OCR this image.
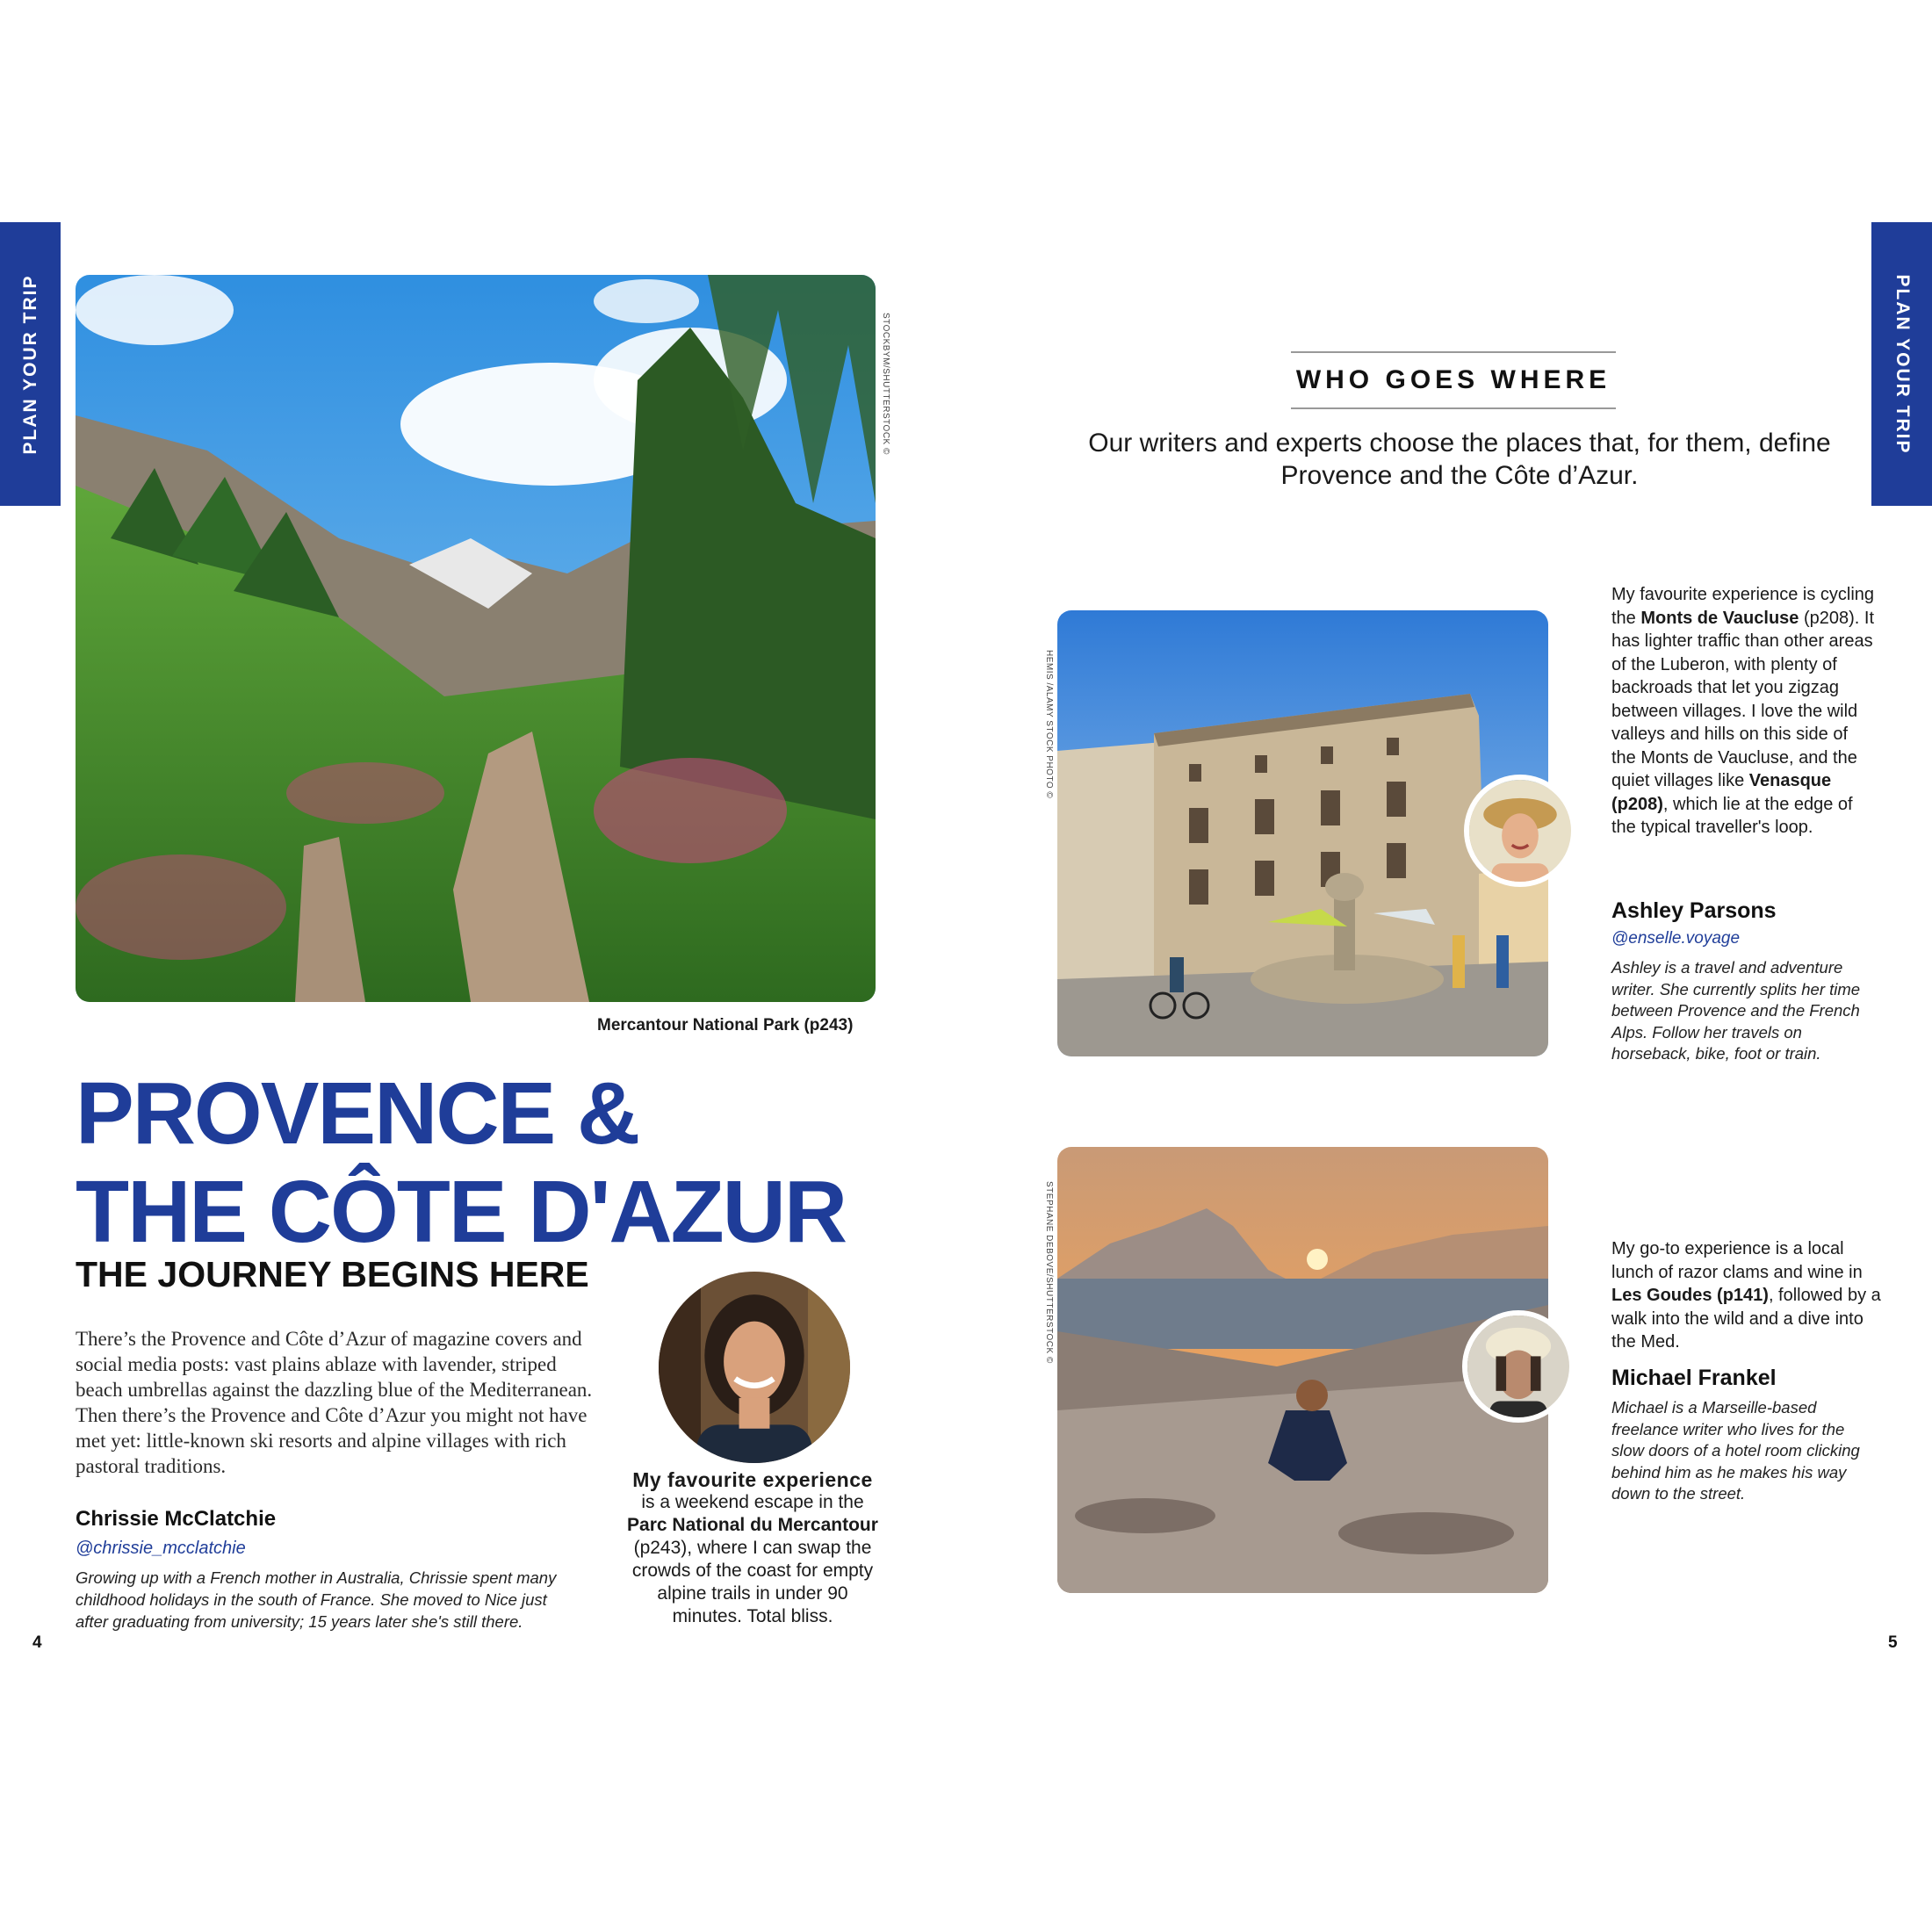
PLAN YOUR TRIP	PLAN YOUR TRIP
STOCKBYM/SHUTTERSTOCK ©
Mercantour National Park (p243)
PROVENCE &
THE CÔTE D'AZUR
THE JOURNEY BEGINS HERE
There’s the Provence and Côte d’Azur of magazine covers and social media posts: vast plains ablaze with lavender, striped beach umbrellas against the dazzling blue of the Mediterranean. Then there’s the Provence and Côte d’Azur you might not have met yet: little-known ski resorts and alpine villages with rich pastoral traditions.
Chrissie McClatchie
@chrissie_mcclatchie
Growing up with a French mother in Australia, Chrissie spent many childhood holidays in the south of France. She moved to Nice just after graduating from university; 15 years later she's still there.
My favourite experience
is a weekend escape in the
Parc National du Mercantour
(p243), where I can swap the crowds of the coast for empty alpine trails in under 90 minutes. Total bliss.
4
WHO GOES WHERE
Our writers and experts choose the places that, for them, define Provence and the Côte d’Azur.
HEMIS /ALAMY STOCK PHOTO ©
My favourite experience is cycling the Monts de Vaucluse (p208). It has lighter traffic than other areas of the Luberon, with plenty of backroads that let you zigzag between villages. I love the wild valleys and hills on this side of the Monts de Vaucluse, and the quiet villages like Venasque (p208), which lie at the edge of the typical traveller's loop.
Ashley Parsons
@enselle.voyage
Ashley is a travel and adventure writer. She currently splits her time between Provence and the French Alps. Follow her travels on horseback, bike, foot or train.
STEPHANE DEBOVE/SHUTTERSTOCK ©	My go-to experience is a local lunch of razor clams and wine in Les Goudes (p141), followed by a walk into the wild and a dive into the Med.
Michael Frankel
Michael is a Marseille-based freelance writer who lives for the slow doors of a hotel room clicking behind him as he makes his way down to the street.
5
